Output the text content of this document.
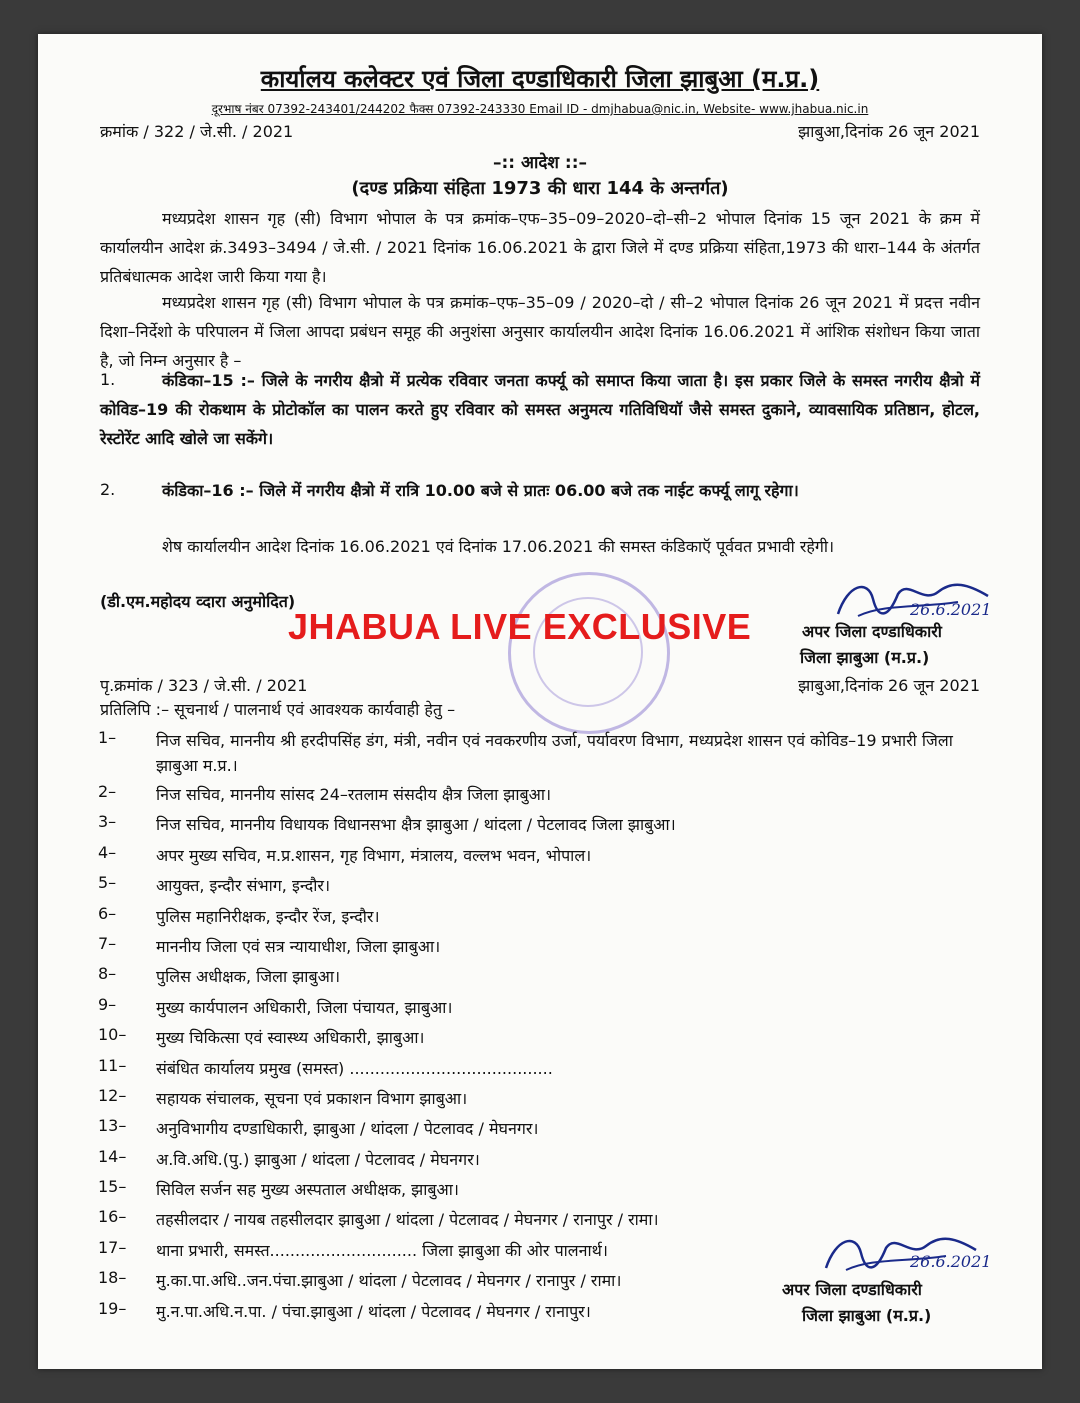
कार्यालय कलेक्टर एवं जिला दण्डाधिकारी जिला झाबुआ (म.प्र.)
दूरभाष नंबर 07392-243401/244202 फैक्स 07392-243330 Email ID - dmjhabua@nic.in, Website- www.jhabua.nic.in
क्रमांक / 322 / जे.सी. / 2021	झाबुआ,दिनांक 26 जून 2021
–:: आदेश ::–
(दण्ड प्रक्रिया संहिता 1973 की धारा 144 के अन्तर्गत)
मध्यप्रदेश शासन गृह (सी) विभाग भोपाल के पत्र क्रमांक–एफ–35–09–2020–दो–सी–2 भोपाल दिनांक 15 जून 2021 के क्रम में कार्यालयीन आदेश क्रं.3493–3494 / जे.सी. / 2021 दिनांक 16.06.2021 के द्वारा जिले में दण्ड प्रक्रिया संहिता,1973 की धारा–144 के अंतर्गत प्रतिबंधात्मक आदेश जारी किया गया है।
मध्यप्रदेश शासन गृह (सी) विभाग भोपाल के पत्र क्रमांक–एफ–35–09 / 2020–दो / सी–2 भोपाल दिनांक 26 जून 2021 में प्रदत्त नवीन दिशा–निर्देशो के परिपालन में जिला आपदा प्रबंधन समूह की अनुशंसा अनुसार कार्यालयीन आदेश दिनांक 16.06.2021 में आंशिक संशोधन किया जाता है, जो निम्न अनुसार है –
1.	कंडिका–15 :– जिले के नगरीय क्षैत्रो में प्रत्येक रविवार जनता कर्फ्यू को समाप्त किया जाता है। इस प्रकार जिले के समस्त नगरीय क्षैत्रो में कोविड–19 की रोकथाम के प्रोटोकॉल का पालन करते हुए रविवार को समस्त अनुमत्य गतिविधियॉ जैसे समस्त दुकाने, व्यावसायिक प्रतिष्ठान, होटल, रेस्टोरेंट आदि खोले जा सकेंगे।
2.	कंडिका–16 :– जिले में नगरीय क्षैत्रो में रात्रि 10.00 बजे से प्रातः 06.00 बजे तक नाईट कर्फ्यू लागू रहेगा।
शेष कार्यालयीन आदेश दिनांक 16.06.2021 एवं दिनांक 17.06.2021 की समस्त कंडिकाऍ पूर्ववत प्रभावी रहेगी।
(डी.एम.महोदय व्दारा अनुमोदित)	26.6.2021
JHABUA LIVE EXCLUSIVE	अपर जिला दण्डाधिकारी
जिला झाबुआ (म.प्र.)
पृ.क्रमांक / 323 / जे.सी. / 2021	झाबुआ,दिनांक 26 जून 2021
प्रतिलिपि :– सूचनार्थ / पालनार्थ एवं आवश्यक कार्यवाही हेतु –
1–	निज सचिव, माननीय श्री हरदीपसिंह डंग, मंत्री, नवीन एवं नवकरणीय उर्जा, पर्यावरण विभाग, मध्यप्रदेश शासन एवं कोविड–19 प्रभारी जिला झाबुआ म.प्र.।
2–	निज सचिव, माननीय सांसद 24–रतलाम संसदीय क्षैत्र जिला झाबुआ।
3–	निज सचिव, माननीय विधायक विधानसभा क्षैत्र झाबुआ / थांदला / पेटलावद जिला झाबुआ।
4–	अपर मुख्य सचिव, म.प्र.शासन, गृह विभाग, मंत्रालय, वल्लभ भवन, भोपाल।
5–	आयुक्त, इन्दौर संभाग, इन्दौर।
6–	पुलिस महानिरीक्षक, इन्दौर रेंज, इन्दौर।
7–	माननीय जिला एवं सत्र न्यायाधीश, जिला झाबुआ।
8–	पुलिस अधीक्षक, जिला झाबुआ।
9–	मुख्य कार्यपालन अधिकारी, जिला पंचायत, झाबुआ।
10–	मुख्य चिकित्सा एवं स्वास्थ्य अधिकारी, झाबुआ।
11–	संबंधित कार्यालय प्रमुख (समस्त) ........................................
12–	सहायक संचालक, सूचना एवं प्रकाशन विभाग झाबुआ।
13–	अनुविभागीय दण्डाधिकारी, झाबुआ / थांदला / पेटलावद / मेघनगर।
14–	अ.वि.अधि.(पु.) झाबुआ / थांदला / पेटलावद / मेघनगर।
15–	सिविल सर्जन सह मुख्य अस्पताल अधीक्षक, झाबुआ।
16–	तहसीलदार / नायब तहसीलदार झाबुआ / थांदला / पेटलावद / मेघनगर / रानापुर / रामा।
17–	थाना प्रभारी, समस्त............................. जिला झाबुआ की ओर पालनार्थ।
18–	मु.का.पा.अधि..जन.पंचा.झाबुआ / थांदला / पेटलावद / मेघनगर / रानापुर / रामा।
19–	मु.न.पा.अधि.न.पा. / पंचा.झाबुआ / थांदला / पेटलावद / मेघनगर / रानापुर।
26.6.2021
अपर जिला दण्डाधिकारी
जिला झाबुआ (म.प्र.)
